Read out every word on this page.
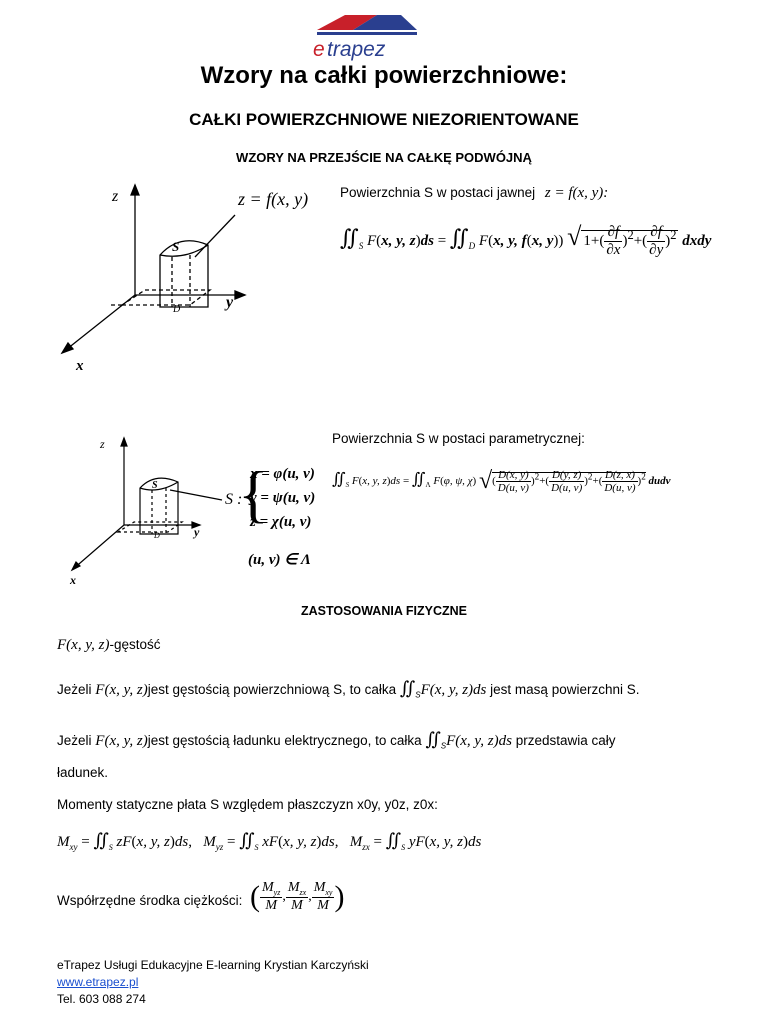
e trapez
Wzory na całki powierzchniowe:
CAŁKI POWIERZCHNIOWE NIEZORIENTOWANE
WZORY NA PRZEJŚCIE NA CAŁKĘ PODWÓJNĄ
z
y
x
S
D
z = f(x, y) Powierzchnia S w postaci jawnej z = f(x, y):
$∬_S$ F(x, y, $z)ds = ∬_D$ F(x, y, f(x, y)) √ $1+( \frac{\partial f}{\partial x} )^2+( \frac{\partial f}{\partial y} )^2$ dxdy
z
y
x
S
D
S :
{
x = φ(u, v)
y = ψ(u, v)
z = χ(u, v)
(u, v) ∈ Λ
Powierzchnia S w postaci parametrycznej:
$∬_S$ F(x, y, $z)ds = ∬_\Lambda$ F(φ, ψ, χ) √( $\frac{D(x, y)}{D(u, v)} )^2+( \frac{D(y, z)}{D(u, v)} )^2+( \frac{D(z, x)}{D(u, v)} )^2$ dudv
ZASTOSOWANIA FIZYCZNE
F(x, y, z)-gęstość
Jeżeli F(x, y, z)jest gęstością powierzchniową S, to całka $∬_SF(x$, y, z)ds jest masą powierzchni S.
Jeżeli F(x, y, z)jest gęstością ładunku elektrycznego, to całka $∬_SF(x$, y, z)ds przedstawia cały
ładunek.
Momenty statyczne płata S względem płaszczyzn x0y, y0z, z0x:
$M_{xy}$ = $∬_S$ zF(x, y, z)ds,   $M_{yz}$ = $∬_S$ xF(x, y, z)ds,   $M_{zx}$ = $∬_S$ yF(x, y, z)ds
Współrzędne środka ciężkości: ( $\frac{M_{yz}}{M}$ , $\frac{M_{zx}}{M}$ , $\frac{M_{xy}}{M}$ )
eTrapez Usługi Edukacyjne E-learning Krystian Karczyński
www.etrapez.pl
Tel. 603 088 274
